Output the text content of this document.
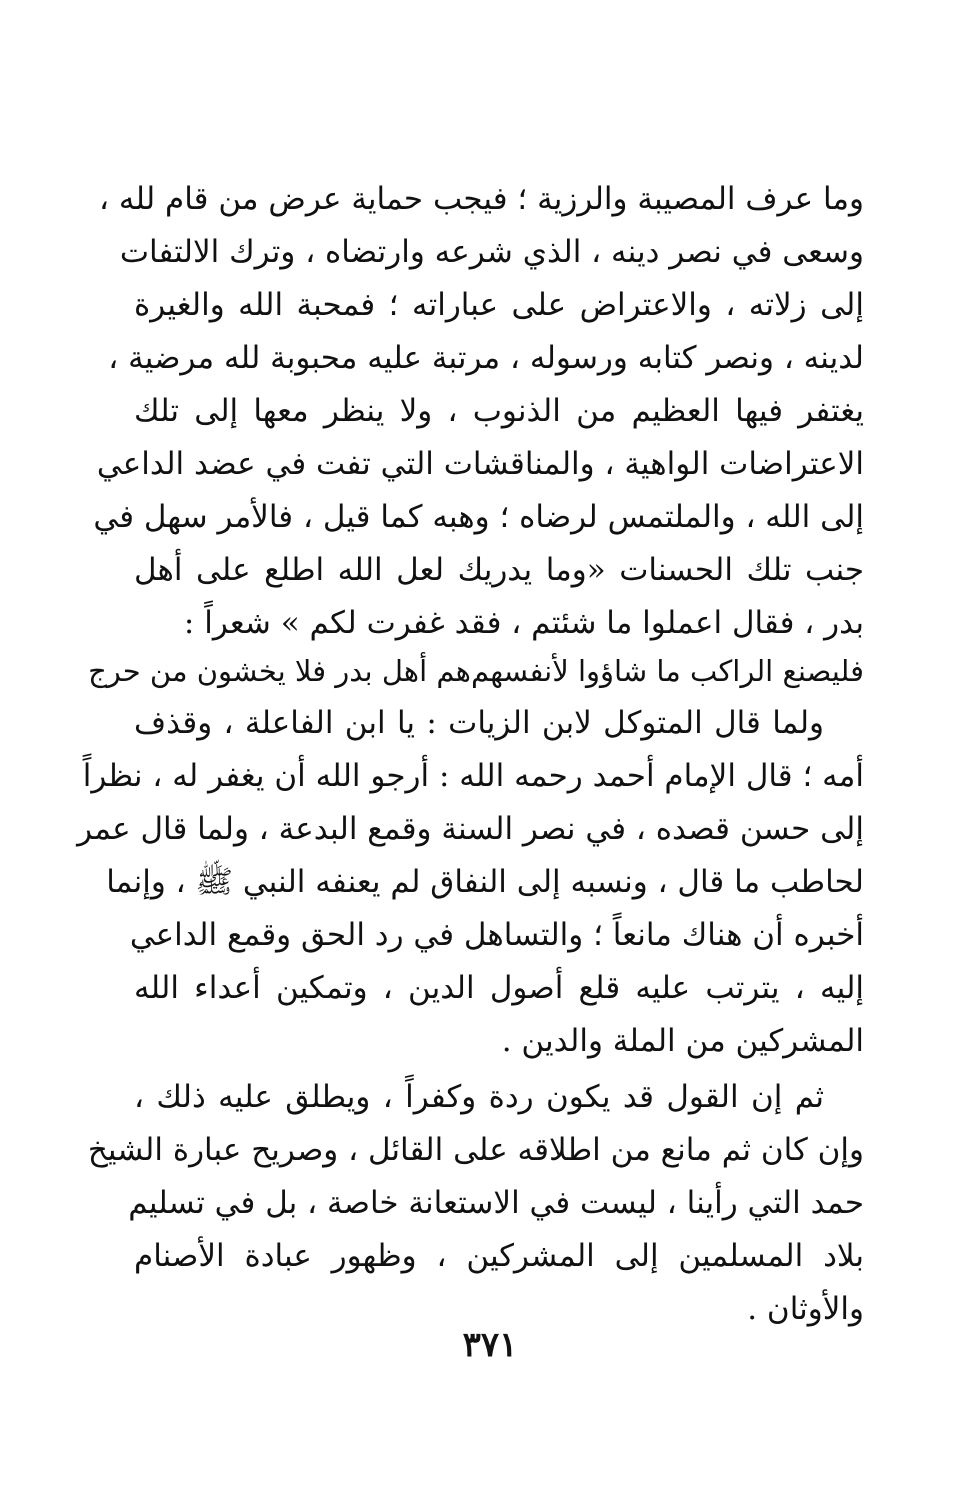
وما عرف المصيبة والرزية ؛ فيجب حماية عرض من قام لله ،
وسعى في نصر دينه ، الذي شرعه وارتضاه ، وترك الالتفات
إلى زلاته ، والاعتراض على عباراته ؛ فمحبة الله والغيرة
لدينه ، ونصر كتابه ورسوله ، مرتبة عليه محبوبة لله مرضية ،
يغتفر فيها العظيم من الذنوب ، ولا ينظر معها إلى تلك
الاعتراضات الواهية ، والمناقشات التي تفت في عضد الداعي
إلى الله ، والملتمس لرضاه ؛ وهبه كما قيل ، فالأمر سهل في
جنب تلك الحسنات «وما يدريك لعل الله اطلع على أهل
بدر ، فقال اعملوا ما شئتم ، فقد غفرت لكم » شعراً :
فليصنع الراكب ما شاؤوا لأنفسهم
هم أهل بدر فلا يخشون من حرج
ولما قال المتوكل لابن الزيات : يا ابن الفاعلة ، وقذف
أمه ؛ قال الإمام أحمد رحمه الله : أرجو الله أن يغفر له ، نظراً
إلى حسن قصده ، في نصر السنة وقمع البدعة ، ولما قال عمر
لحاطب ما قال ، ونسبه إلى النفاق لم يعنفه النبي ﷺ ، وإنما
أخبره أن هناك مانعاً ؛ والتساهل في رد الحق وقمع الداعي
إليه ، يترتب عليه قلع أصول الدين ، وتمكين أعداء الله
المشركين من الملة والدين .
ثم إن القول قد يكون ردة وكفراً ، ويطلق عليه ذلك ،
وإن كان ثم مانع من اطلاقه على القائل ، وصريح عبارة الشيخ
حمد التي رأينا ، ليست في الاستعانة خاصة ، بل في تسليم
بلاد المسلمين إلى المشركين ، وظهور عبادة الأصنام
والأوثان .
٣٧١
